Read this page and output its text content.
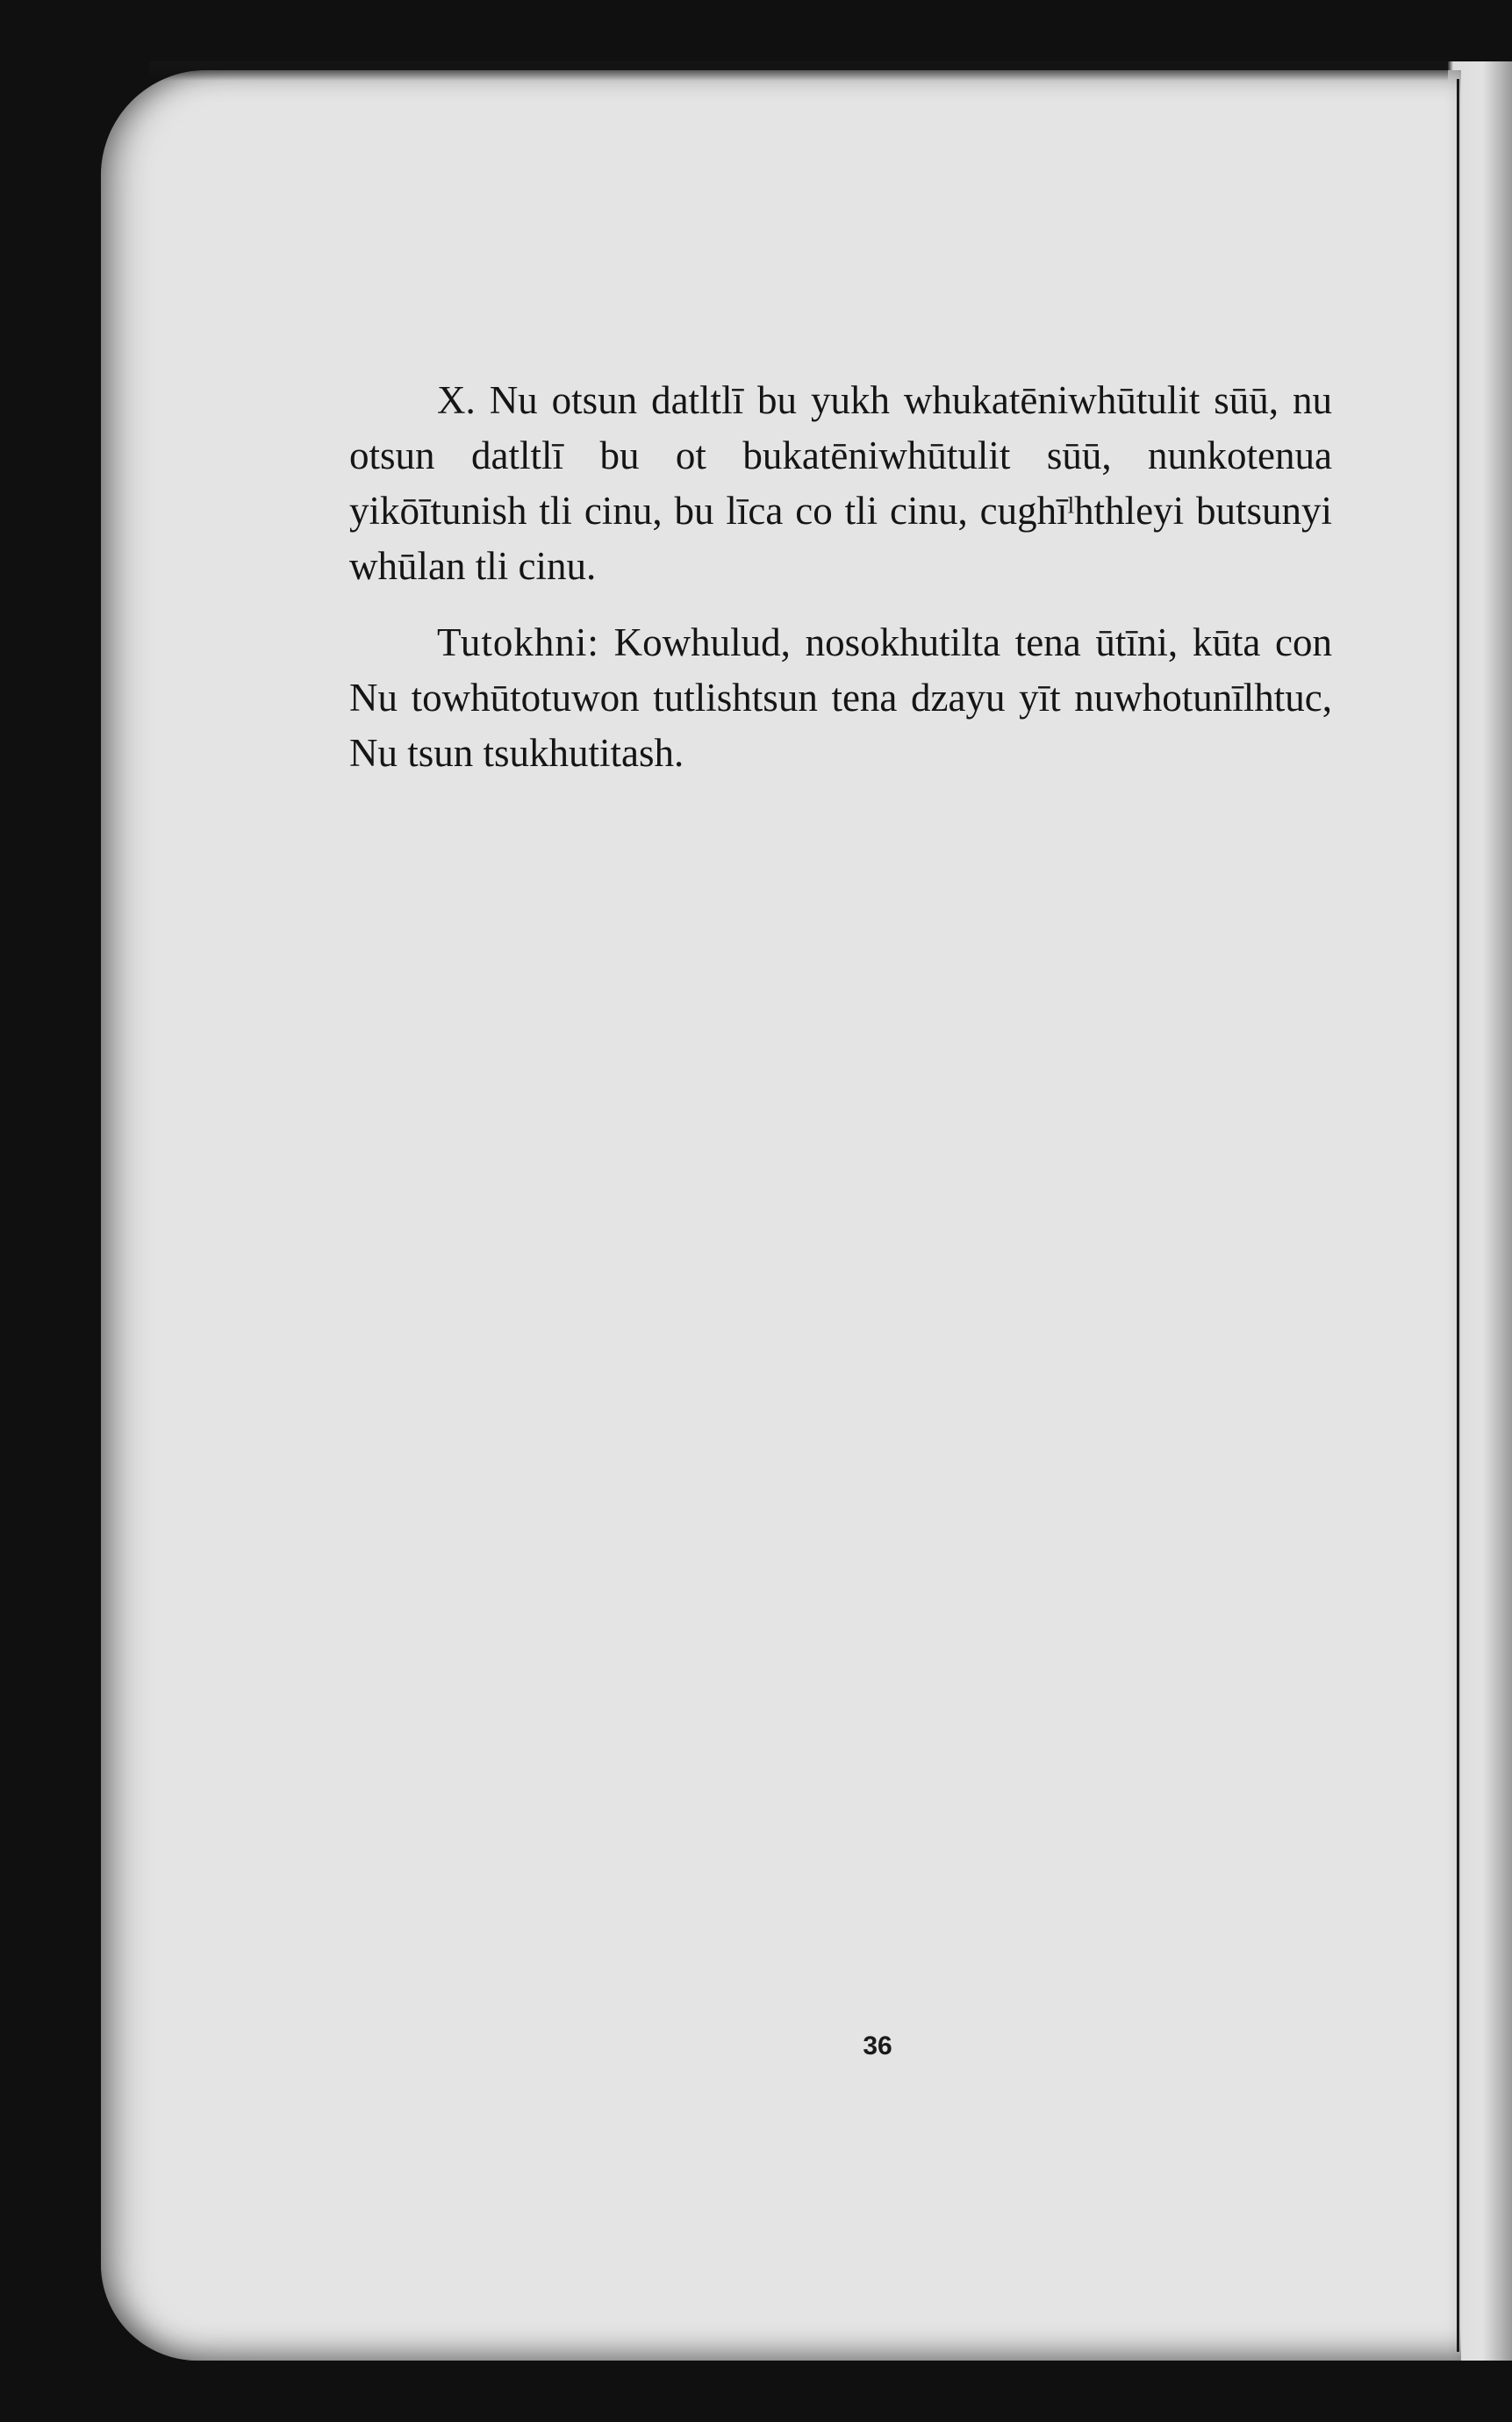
X. Nu otsun datltlī bu yukh whukatēniwhūtulit sūū, nu otsun datltlī bu ot bukatēniwhūtulit sūū, nunkotenua yikōītunish tli cinu, bu līca co tli cinu, cughīˡhthleyi butsunyi whūlan tli cinu.

Tutokhni: Kowhulud, nosokhutilta tena ūtīni, kūta con Nu towhūtotuwon tutlishtsun tena dzayu yīt nuwhotunīlhtuc, Nu tsun tsukhutitash.

36
